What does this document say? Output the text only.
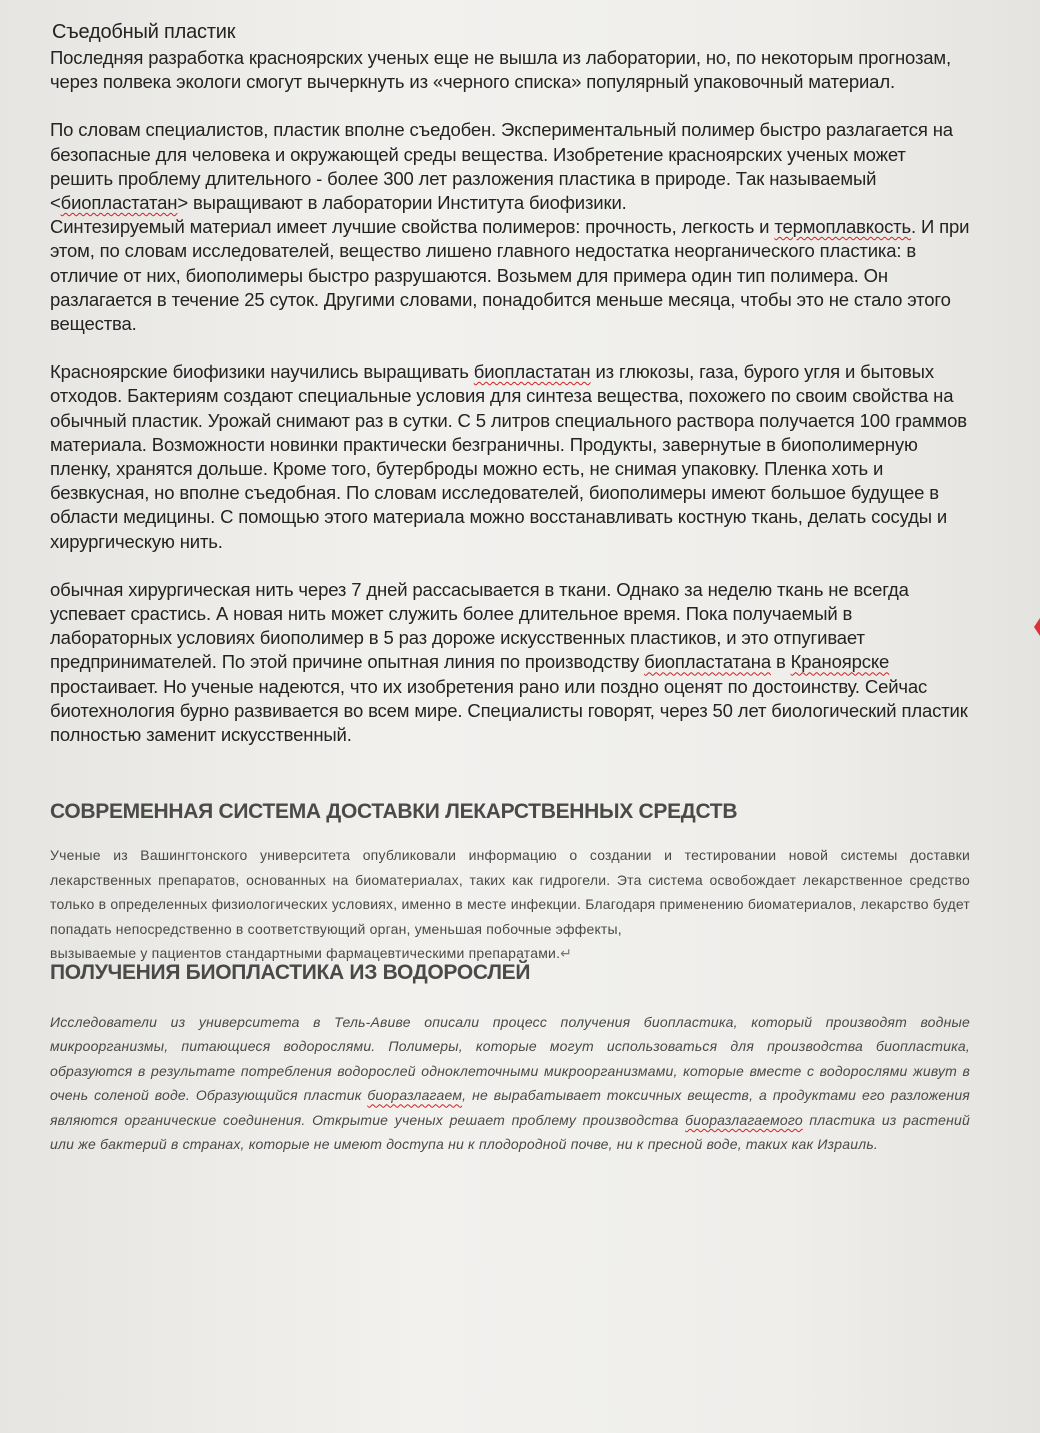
Съедобный пластик

Последняя разработка красноярских ученых еще не вышла из лаборатории, но, по некоторым прогнозам, через полвека экологи смогут вычеркнуть из «черного списка» популярный упаковочный материал.

По словам специалистов, пластик вполне съедобен. Экспериментальный полимер быстро разлагается на безопасные для человека и окружающей среды вещества. Изобретение красноярских ученых может решить проблему длительного - более 300 лет разложения пластика в природе. Так называемый <биопластатан> выращивают в лаборатории Института биофизики.

Синтезируемый материал имеет лучшие свойства полимеров: прочность, легкость и термоплавкость. И при этом, по словам исследователей, вещество лишено главного недостатка неорганического пластика: в отличие от них, биополимеры быстро разрушаются. Возьмем для примера один тип полимера. Он разлагается в течение 25 суток. Другими словами, понадобится меньше месяца, чтобы это не стало этого вещества.

Красноярские биофизики научились выращивать биопластатан из глюкозы, газа, бурого угля и бытовых отходов. Бактериям создают специальные условия для синтеза вещества, похожего по своим свойства на обычный пластик. Урожай снимают раз в сутки. С 5 литров специального раствора получается 100 граммов материала. Возможности новинки практически безграничны. Продукты, завернутые в биополимерную пленку, хранятся дольше. Кроме того, бутерброды можно есть, не снимая упаковку. Пленка хоть и безвкусная, но вполне съедобная. По словам исследователей, биополимеры имеют большое будущее в области медицины. С помощью этого материала можно восстанавливать костную ткань, делать сосуды и хирургическую нить.

обычная хирургическая нить через 7 дней рассасывается в ткани. Однако за неделю ткань не всегда успевает срастись. А новая нить может служить более длительное время. Пока получаемый в лабораторных условиях биополимер в 5 раз дороже искусственных пластиков, и это отпугивает предпринимателей. По этой причине опытная линия по производству биопластатана в Краноярске простаивает. Но ученые надеются, что их изобретения рано или поздно оценят по достоинству. Сейчас биотехнология бурно развивается во всем мире. Специалисты говорят, через 50 лет биологический пластик полностью заменит искусственный.

СОВРЕМЕННАЯ СИСТЕМА ДОСТАВКИ ЛЕКАРСТВЕННЫХ СРЕДСТВ

Ученые из Вашингтонского университета опубликовали информацию о создании и тестировании новой системы доставки лекарственных препаратов, основанных на биоматериалах, таких как гидрогели. Эта система освобождает лекарственное средство только в определенных физиологических условиях, именно в месте инфекции. Благодаря применению биоматериалов, лекарство будет попадать непосредственно в соответствующий орган, уменьшая побочные эффекты,

вызываемые у пациентов стандартными фармацевтическими препаратами.↵

ПОЛУЧЕНИЯ БИОПЛАСТИКА ИЗ ВОДОРОСЛЕЙ

Исследователи из университета в Тель-Авиве описали процесс получения биопластика, который производят водные микроорганизмы, питающиеся водорослями. Полимеры, которые могут использоваться для производства биопластика, образуются в результате потребления водорослей одноклеточными микроорганизмами, которые вместе с водорослями живут в очень соленой воде. Образующийся пластик биоразлагаем, не вырабатывает токсичных веществ, а продуктами его разложения являются органические соединения. Открытие ученых решает проблему производства биоразлагаемого пластика из растений или же бактерий в странах, которые не имеют доступа ни к плодородной почве, ни к пресной воде, таких как Израиль.
